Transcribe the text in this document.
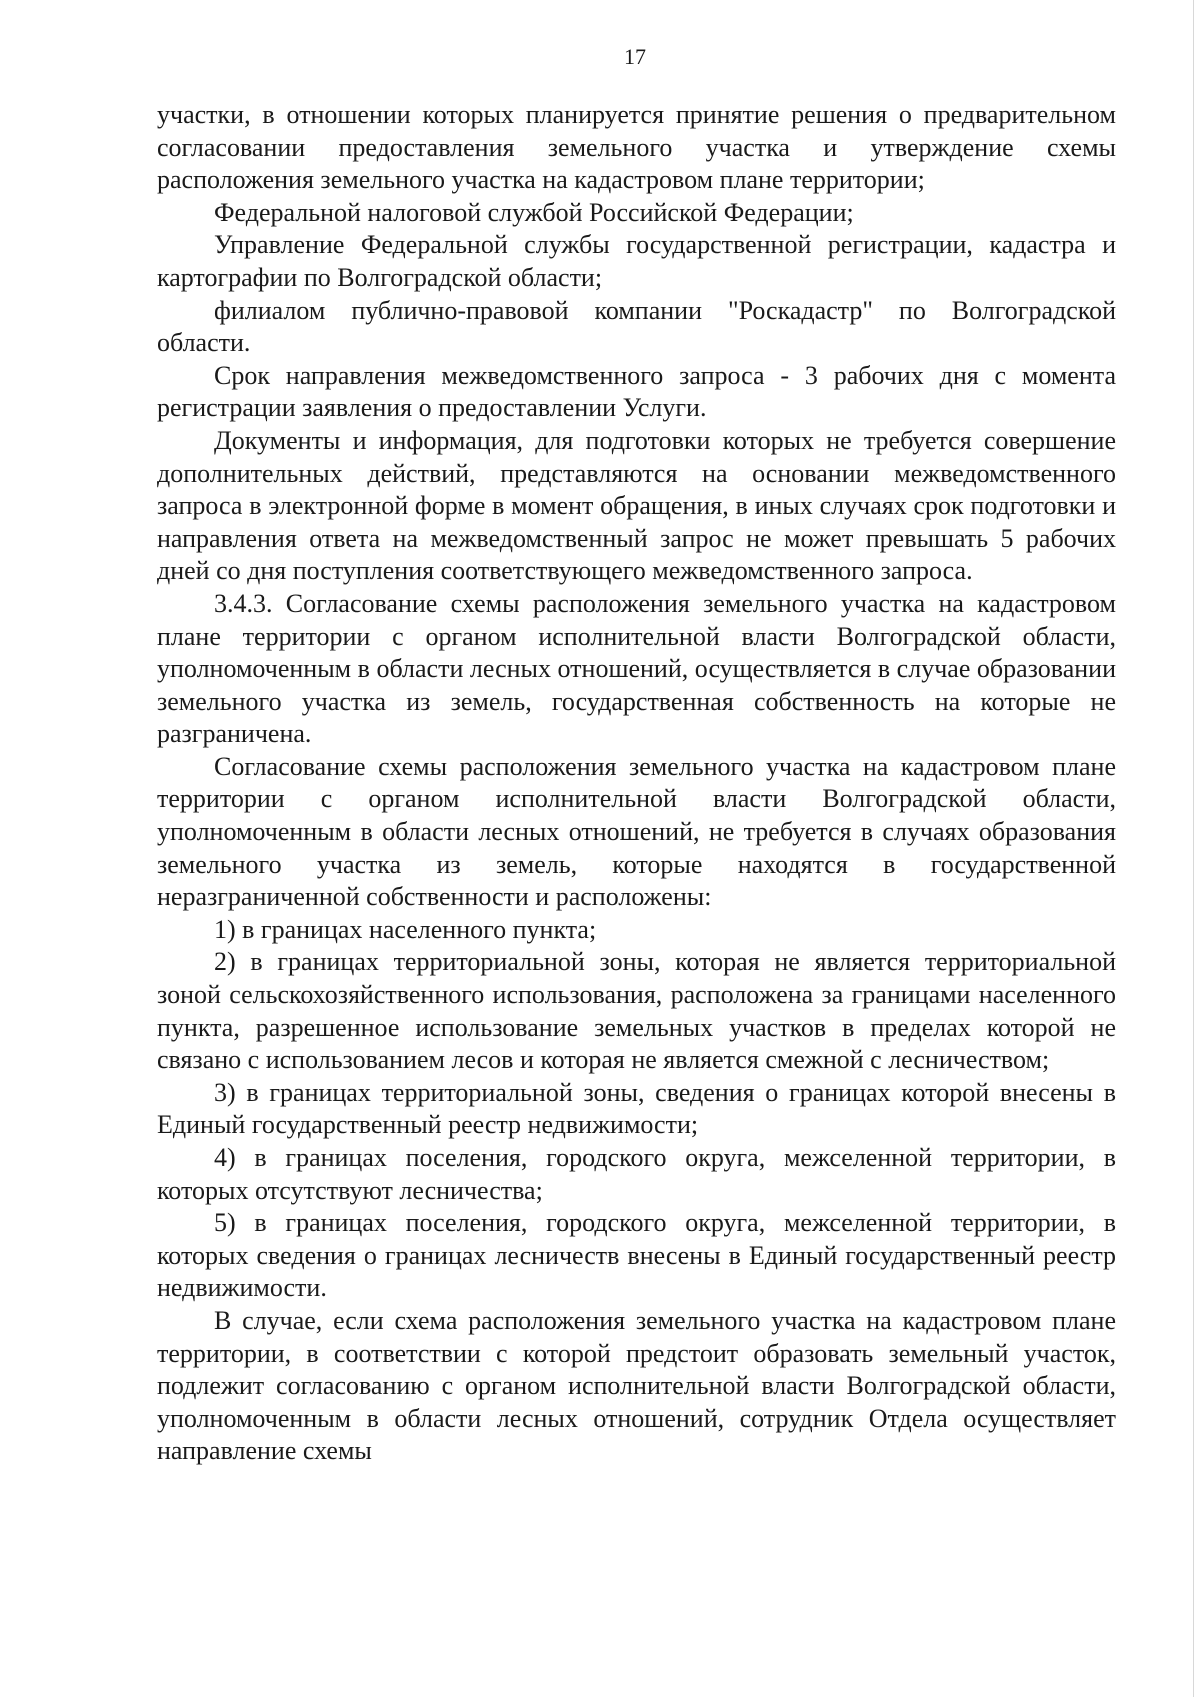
17

участки, в отношении которых планируется принятие решения о предварительном согласовании предоставления земельного участка и утверждение схемы расположения земельного участка на кадастровом плане территории;

Федеральной налоговой службой Российской Федерации;

Управление Федеральной службы государственной регистрации, кадастра и картографии по Волгоградской области;

филиалом публично-правовой компании "Роскадастр" по Волгоградской области.

Срок направления межведомственного запроса - 3 рабочих дня с момента регистрации заявления о предоставлении Услуги.

Документы и информация, для подготовки которых не требуется совершение дополнительных действий, представляются на основании межведомственного запроса в электронной форме в момент обращения, в иных случаях срок подготовки и направления ответа на межведомственный запрос не может превышать 5 рабочих дней со дня поступления соответствующего межведомственного запроса.

3.4.3. Согласование схемы расположения земельного участка на кадастровом плане территории с органом исполнительной власти Волгоградской области, уполномоченным в области лесных отношений, осуществляется в случае образовании земельного участка из земель, государственная собственность на которые не разграничена.

Согласование схемы расположения земельного участка на кадастровом плане территории с органом исполнительной власти Волгоградской области, уполномоченным в области лесных отношений, не требуется в случаях образования земельного участка из земель, которые находятся в государственной неразграниченной собственности и расположены:

1) в границах населенного пункта;

2) в границах территориальной зоны, которая не является территориальной зоной сельскохозяйственного использования, расположена за границами населенного пункта, разрешенное использование земельных участков в пределах которой не связано с использованием лесов и которая не является смежной с лесничеством;

3) в границах территориальной зоны, сведения о границах которой внесены в Единый государственный реестр недвижимости;

4) в границах поселения, городского округа, межселенной территории, в которых отсутствуют лесничества;

5) в границах поселения, городского округа, межселенной территории, в которых сведения о границах лесничеств внесены в Единый государственный реестр недвижимости.

В случае, если схема расположения земельного участка на кадастровом плане территории, в соответствии с которой предстоит образовать земельный участок, подлежит согласованию с органом исполнительной власти Волгоградской области, уполномоченным в области лесных отношений, сотрудник Отдела осуществляет направление схемы
